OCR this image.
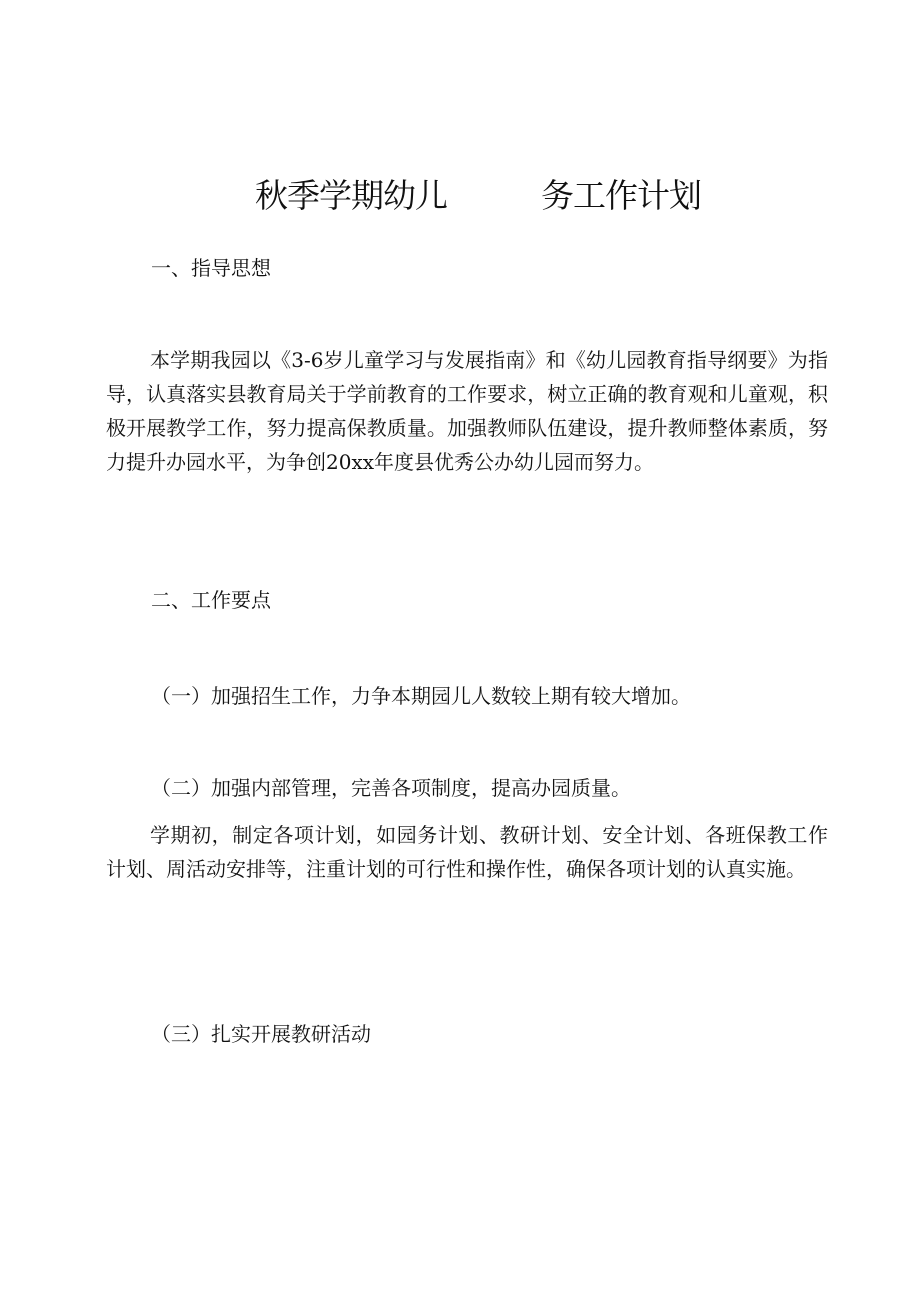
秋季学期幼儿	务工作计划
一、指导思想
本学期我园以《3-6岁儿童学习与发展指南》和《幼儿园教育指导纲要》为指导，认真落实县教育局关于学前教育的工作要求，树立正确的教育观和儿童观，积极开展教学工作，努力提高保教质量。加强教师队伍建设，提升教师整体素质，努力提升办园水平，为争创20xx年度县优秀公办幼儿园而努力。
二、工作要点
（一）加强招生工作，力争本期园儿人数较上期有较大增加。
（二）加强内部管理，完善各项制度，提高办园质量。
学期初，制定各项计划，如园务计划、教研计划、安全计划、各班保教工作计划、周活动安排等，注重计划的可行性和操作性，确保各项计划的认真实施。
（三）扎实开展教研活动
